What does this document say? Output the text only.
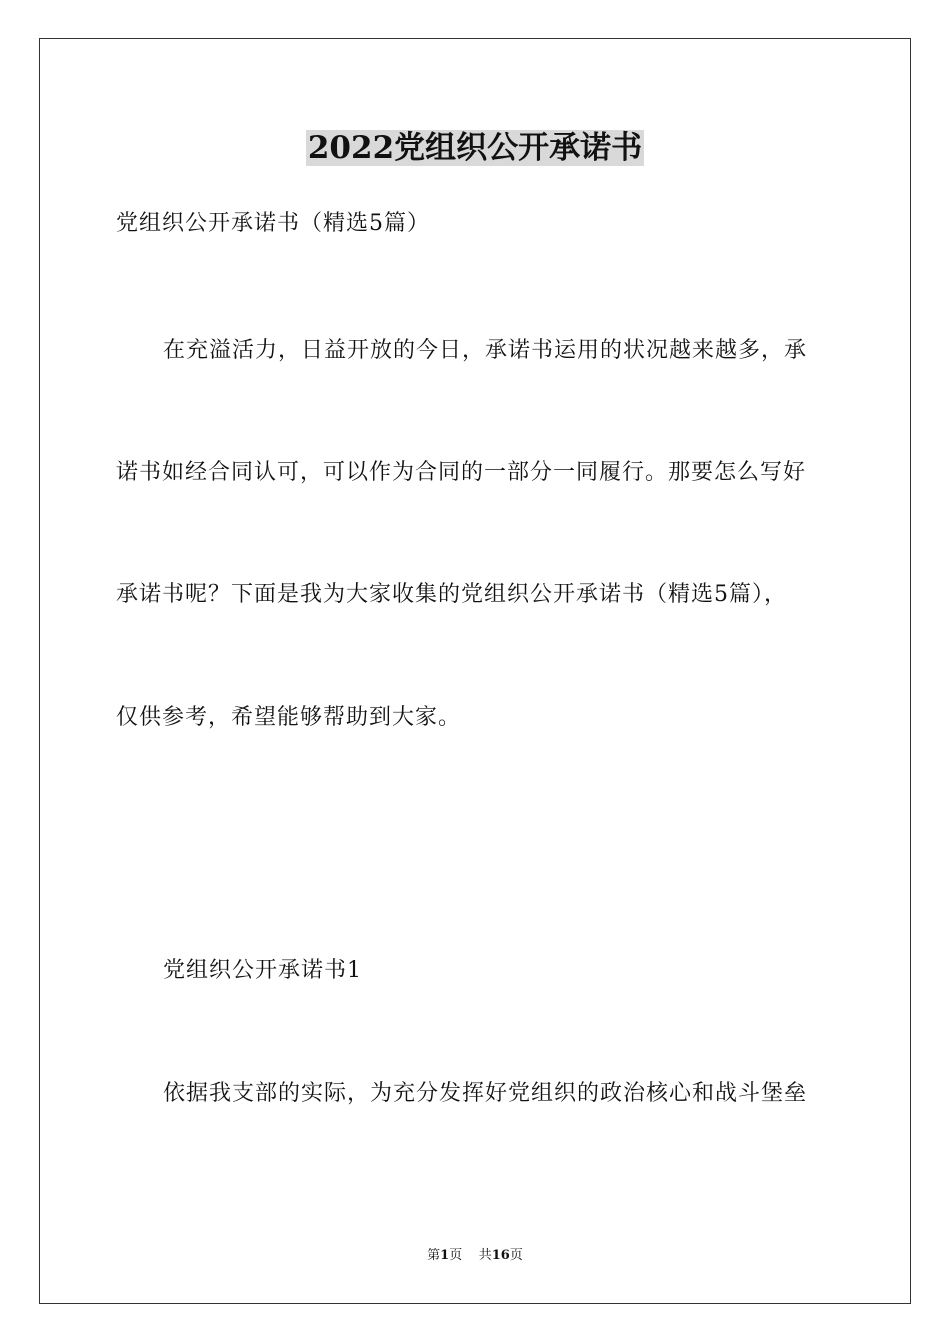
2022党组织公开承诺书
党组织公开承诺书（精选5篇）
在充溢活力，日益开放的今日，承诺书运用的状况越来越多，承
诺书如经合同认可，可以作为合同的一部分一同履行。那要怎么写好
承诺书呢？下面是我为大家收集的党组织公开承诺书（精选5篇），
仅供参考，希望能够帮助到大家。
党组织公开承诺书1
依据我支部的实际，为充分发挥好党组织的政治核心和战斗堡垒
第1页 共16页
